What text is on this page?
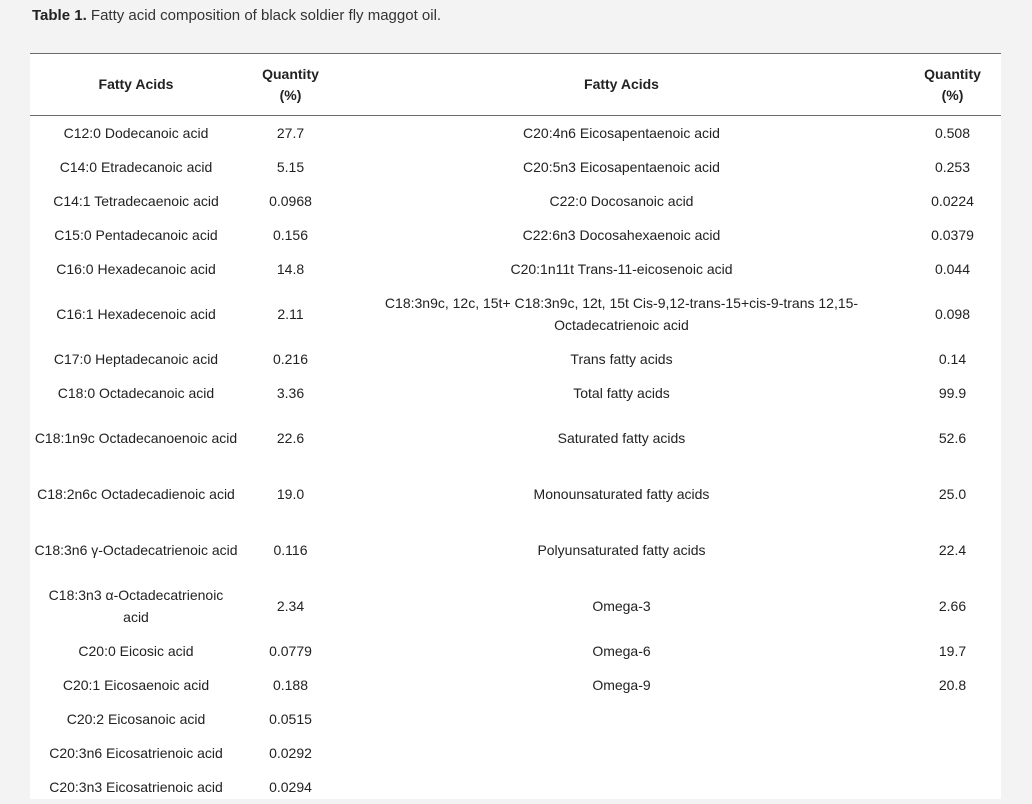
Table 1. Fatty acid composition of black soldier fly maggot oil.
Fatty Acids	Quantity (%)	Fatty Acids	Quantity (%)

C12:0 Dodecanoic acid	27.7	C20:4n6 Eicosapentaenoic acid	0.508
C14:0 Etradecanoic acid	5.15	C20:5n3 Eicosapentaenoic acid	0.253
C14:1 Tetradecaenoic acid	0.0968	C22:0 Docosanoic acid	0.0224
C15:0 Pentadecanoic acid	0.156	C22:6n3 Docosahexaenoic acid	0.0379
C16:0 Hexadecanoic acid	14.8	C20:1n11t Trans-11-eicosenoic acid	0.044
C16:1 Hexadecenoic acid	2.11	C18:3n9c, 12c, 15t+ C18:3n9c, 12t, 15t Cis-9,12-trans-15+cis-9-trans 12,15-Octadecatrienoic acid	0.098
C17:0 Heptadecanoic acid	0.216	Trans fatty acids	0.14
C18:0 Octadecanoic acid	3.36	Total fatty acids	99.9
C18:1n9c Octadecanoenoic acid	22.6	Saturated fatty acids	52.6
C18:2n6c Octadecadienoic acid	19.0	Monounsaturated fatty acids	25.0
C18:3n6 γ-Octadecatrienoic acid	0.116	Polyunsaturated fatty acids	22.4
C18:3n3 α-Octadecatrienoic acid	2.34	Omega-3	2.66
C20:0 Eicosic acid	0.0779	Omega-6	19.7
C20:1 Eicosaenoic acid	0.188	Omega-9	20.8
C20:2 Eicosanoic acid	0.0515		
C20:3n6 Eicosatrienoic acid	0.0292		
C20:3n3 Eicosatrienoic acid	0.0294		
